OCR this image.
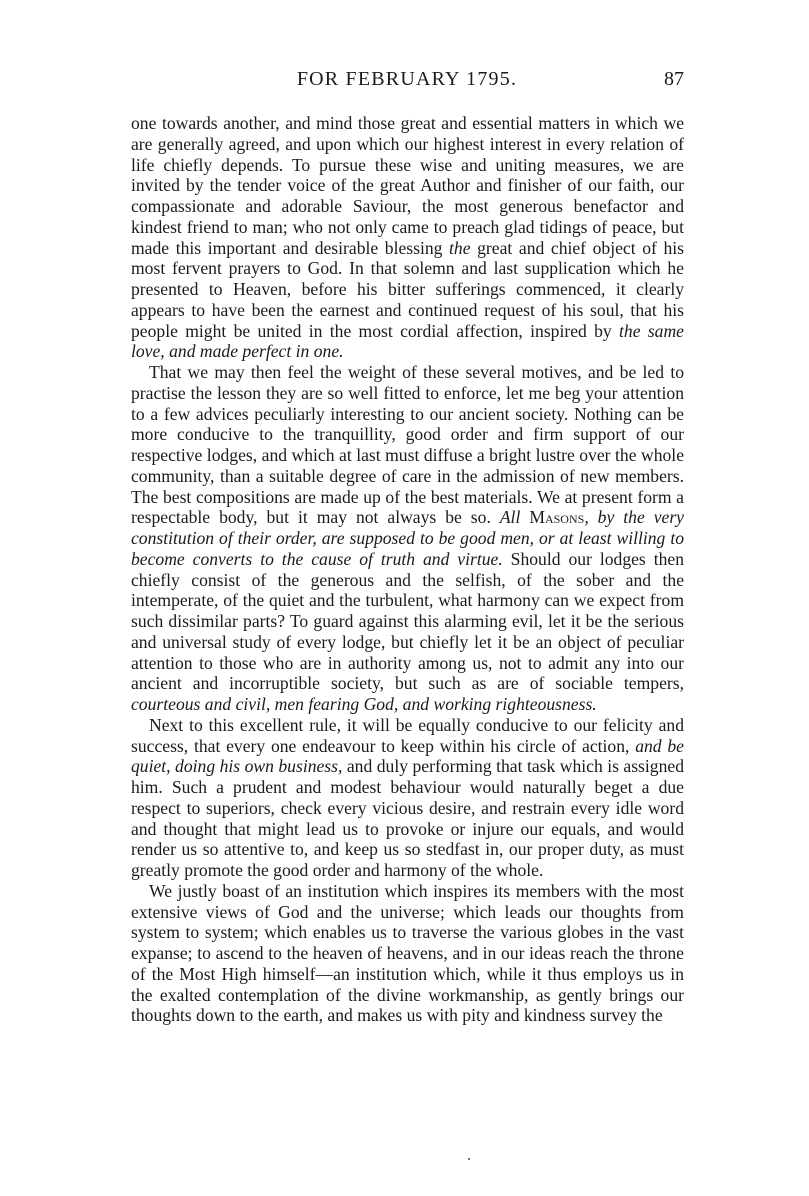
FOR FEBRUARY 1795.	87

one towards another, and mind those great and essential matters in which we are generally agreed, and upon which our highest interest in every relation of life chiefly depends. To pursue these wise and uniting measures, we are invited by the tender voice of the great Author and finisher of our faith, our compassionate and adorable Saviour, the most generous benefactor and kindest friend to man; who not only came to preach glad tidings of peace, but made this important and desirable blessing the great and chief object of his most fervent prayers to God. In that solemn and last supplication which he presented to Heaven, before his bitter sufferings commenced, it clearly appears to have been the earnest and continued request of his soul, that his people might be united in the most cordial affection, inspired by the same love, and made perfect in one.

That we may then feel the weight of these several motives, and be led to practise the lesson they are so well fitted to enforce, let me beg your attention to a few advices peculiarly interesting to our ancient society. Nothing can be more conducive to the tranquillity, good order and firm support of our respective lodges, and which at last must diffuse a bright lustre over the whole community, than a suitable degree of care in the admission of new members. The best compositions are made up of the best materials. We at present form a respectable body, but it may not always be so. All Masons, by the very constitution of their order, are supposed to be good men, or at least willing to become converts to the cause of truth and virtue. Should our lodges then chiefly consist of the generous and the selfish, of the sober and the intemperate, of the quiet and the turbulent, what harmony can we expect from such dissimilar parts? To guard against this alarming evil, let it be the serious and universal study of every lodge, but chiefly let it be an object of peculiar attention to those who are in authority among us, not to admit any into our ancient and incorruptible society, but such as are of sociable tempers, courteous and civil, men fearing God, and working righteousness.

Next to this excellent rule, it will be equally conducive to our felicity and success, that every one endeavour to keep within his circle of action, and be quiet, doing his own business, and duly performing that task which is assigned him. Such a prudent and modest behaviour would naturally beget a due respect to superiors, check every vicious desire, and restrain every idle word and thought that might lead us to provoke or injure our equals, and would render us so attentive to, and keep us so stedfast in, our proper duty, as must greatly promote the good order and harmony of the whole.

We justly boast of an institution which inspires its members with the most extensive views of God and the universe; which leads our thoughts from system to system; which enables us to traverse the various globes in the vast expanse; to ascend to the heaven of heavens, and in our ideas reach the throne of the Most High himself—an institution which, while it thus employs us in the exalted contemplation of the divine workmanship, as gently brings our thoughts down to the earth, and makes us with pity and kindness survey the
